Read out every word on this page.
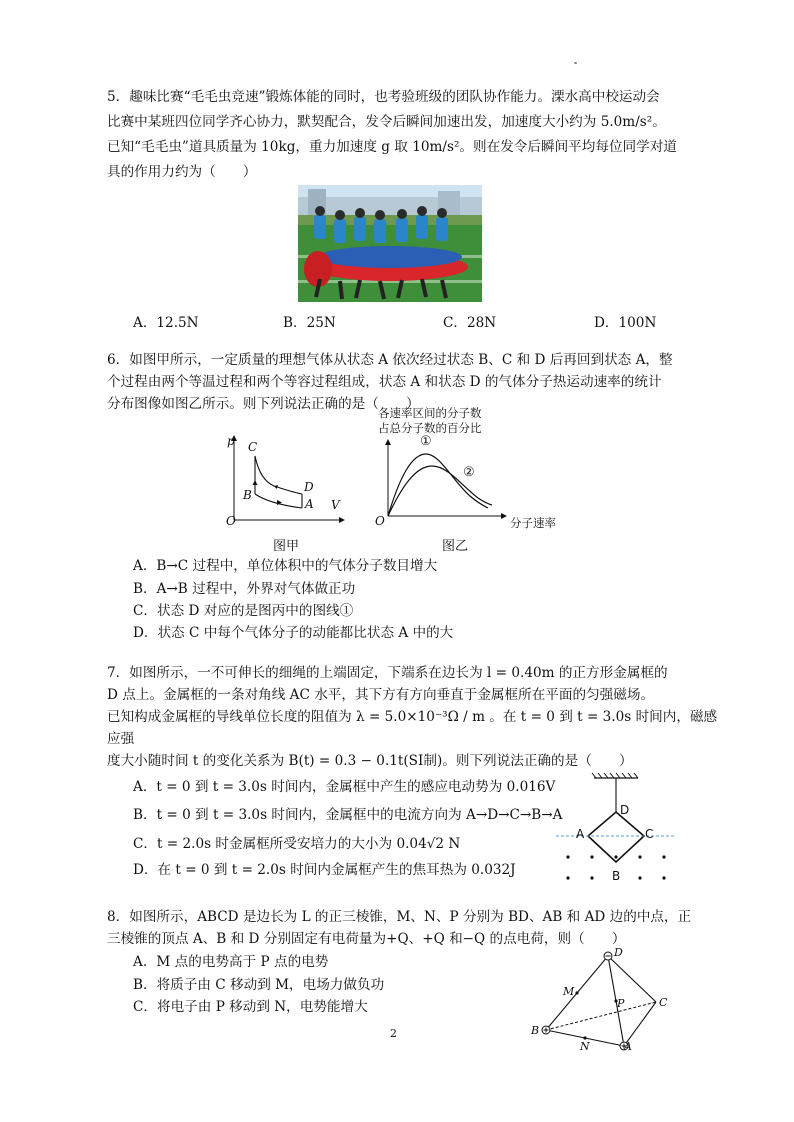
5．趣味比赛“毛毛虫竞速”锻炼体能的同时，也考验班级的团队协作能力。溧水高中校运动会
比赛中某班四位同学齐心协力，默契配合，发令后瞬间加速出发，加速度大小约为 5.0m/s²。
已知“毛毛虫”道具质量为 10kg，重力加速度 g 取 10m/s²。则在发令后瞬间平均每位同学对道
具的作用力约为（　　）
A．12.5N	B．25N	C．28N	D．100N
6．如图甲所示，一定质量的理想气体从状态 A 依次经过状态 B、C 和 D 后再回到状态 A，整
个过程由两个等温过程和两个等容过程组成，状态 A 和状态 D 的气体分子热运动速率的统计
分布图像如图乙所示。则下列说法正确的是（　　）
p
V
O
A
B
C
D
图甲
各速率区间的分子数
占总分子数的百分比
①
②
O	分子速率
图乙
A．B→C 过程中，单位体积中的气体分子数目增大
B．A→B 过程中，外界对气体做正功
C．状态 D 对应的是图丙中的图线①
D．状态 C 中每个气体分子的动能都比状态 A 中的大
7．如图所示，一不可伸长的细绳的上端固定，下端系在边长为 l = 0.40m 的正方形金属框的
D 点上。金属框的一条对角线 AC 水平，其下方有方向垂直于金属框所在平面的匀强磁场。
已知构成金属框的导线单位长度的阻值为 λ = 5.0×10⁻³Ω / m 。在 t = 0 到 t = 3.0s 时间内，磁感
应强
度大小随时间 t 的变化关系为 B(t) = 0.3 − 0.1t(SI制)。则下列说法正确的是（　　）
A．t = 0 到 t = 3.0s 时间内，金属框中产生的感应电动势为 0.016V
B．t = 0 到 t = 3.0s 时间内，金属框中的电流方向为 A→D→C→B→A
C．t = 2.0s 时金属框所受安培力的大小为 0.04√2 N
D．在 t = 0 到 t = 2.0s 时间内金属框产生的焦耳热为 0.032J
D
A	C
B
8．如图所示，ABCD 是边长为 L 的正三棱锥，M、N、P 分别为 BD、AB 和 AD 边的中点，正
三棱锥的顶点 A、B 和 D 分别固定有电荷量为+Q、+Q 和−Q 的点电荷，则（　　）
A．M 点的电势高于 P 点的电势
B．将质子由 C 移动到 M，电场力做负功
C．将电子由 P 移动到 N，电势能增大
D
M
P	C
B
N	A
2
